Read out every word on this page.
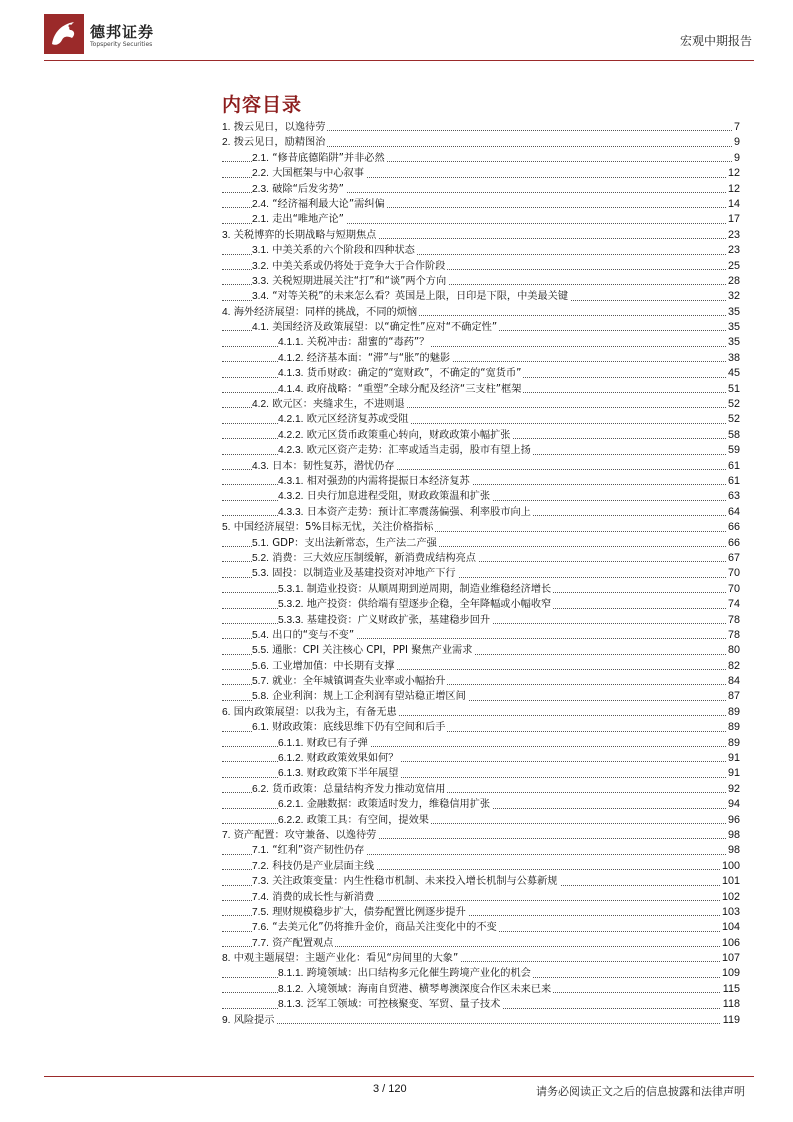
德邦证券
Topsperity Securities	宏观中期报告
内容目录
1. 拨云见日，以逸待劳	7
2. 拨云见日，励精图治	9
2.1. “修昔底德陷阱”并非必然	9
2.2. 大国框架与中心叙事	12
2.3. 破除“后发劣势”	12
2.4. “经济福利最大论”需纠偏	14
2.1. 走出“唯地产论”	17
3. 关税博弈的长期战略与短期焦点	23
3.1. 中美关系的六个阶段和四种状态	23
3.2. 中美关系或仍将处于竞争大于合作阶段	25
3.3. 关税短期进展关注“打”和“谈”两个方向	28
3.4. “对等关税”的未来怎么看？英国是上限，日印是下限，中美最关键	32
4. 海外经济展望：同样的挑战，不同的烦恼	35
4.1. 美国经济及政策展望：以“确定性”应对“不确定性”	35
4.1.1. 关税冲击：甜蜜的“毒药”？	35
4.1.2. 经济基本面：“滞”与“胀”的魅影	38
4.1.3. 货币财政：确定的“宽财政”，不确定的“宽货币”	45
4.1.4. 政府战略：“重塑”全球分配及经济“三支柱”框架	51
4.2. 欧元区：夹缝求生，不进则退	52
4.2.1. 欧元区经济复苏或受阻	52
4.2.2. 欧元区货币政策重心转向，财政政策小幅扩张	58
4.2.3. 欧元区资产走势：汇率或适当走弱，股市有望上扬	59
4.3. 日本：韧性复苏，潜忧仍存	61
4.3.1. 相对强劲的内需将提振日本经济复苏	61
4.3.2. 日央行加息进程受阻，财政政策温和扩张	63
4.3.3. 日本资产走势：预计汇率震荡偏强、利率股市向上	64
5. 中国经济展望：5%目标无忧，关注价格指标	66
5.1. GDP：支出法新常态，生产法二产强	66
5.2. 消费：三大效应压制缓解，新消费成结构亮点	67
5.3. 固投：以制造业及基建投资对冲地产下行	70
5.3.1. 制造业投资：从顺周期到逆周期，制造业维稳经济增长	70
5.3.2. 地产投资：供给端有望逐步企稳，全年降幅或小幅收窄	74
5.3.3. 基建投资：广义财政扩张，基建稳步回升	78
5.4. 出口的“变与不变”	78
5.5. 通胀：CPI 关注核心 CPI，PPI 聚焦产业需求	80
5.6. 工业增加值：中长期有支撑	82
5.7. 就业：全年城镇调查失业率或小幅抬升	84
5.8. 企业利润：规上工企利润有望站稳正增区间	87
6. 国内政策展望：以我为主，有备无患	89
6.1. 财政政策：底线思维下仍有空间和后手	89
6.1.1. 财政已有子弹	89
6.1.2. 财政政策效果如何？	91
6.1.3. 财政政策下半年展望	91
6.2. 货币政策：总量结构齐发力推动宽信用	92
6.2.1. 金融数据：政策适时发力，维稳信用扩张	94
6.2.2. 政策工具：有空间，提效果	96
7. 资产配置：攻守兼备、以逸待劳	98
7.1. “红利”资产韧性仍存	98
7.2. 科技仍是产业层面主线	100
7.3. 关注政策变量：内生性稳市机制、未来投入增长机制与公募新规	101
7.4. 消费的成长性与新消费	102
7.5. 理财规模稳步扩大，债券配置比例逐步提升	103
7.6. “去美元化”仍将推升金价，商品关注变化中的不变	104
7.7. 资产配置观点	106
8. 中观主题展望：主题产业化：看见“房间里的大象”	107
8.1.1. 跨境领域：出口结构多元化催生跨境产业化的机会	109
8.1.2. 入境领域：海南自贸港、横琴粤澳深度合作区未来已来	115
8.1.3. 泛军工领域：可控核聚变、军贸、量子技术	118
9. 风险提示	119
3 / 120	请务必阅读正文之后的信息披露和法律声明
